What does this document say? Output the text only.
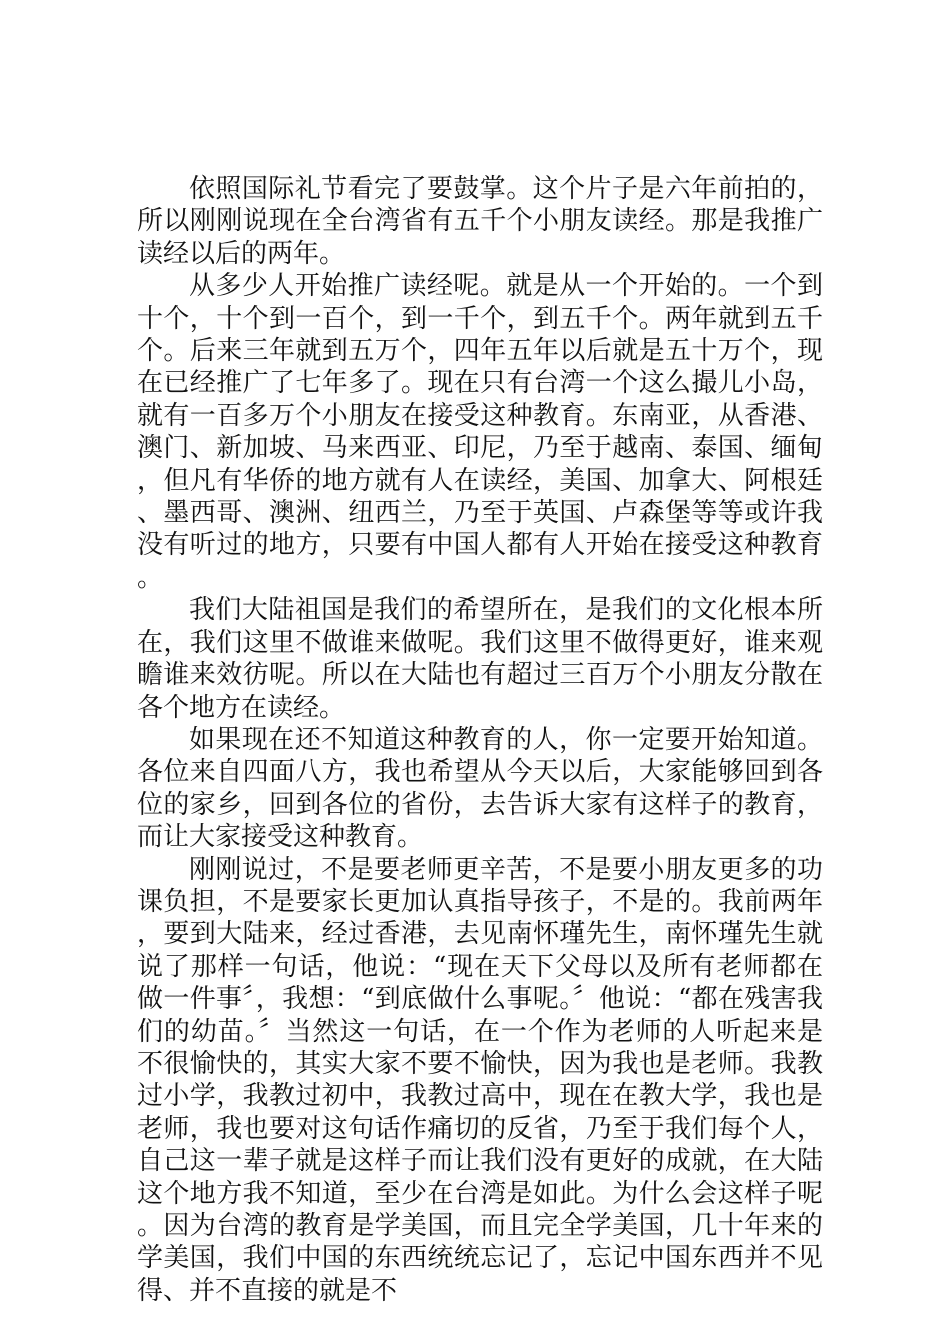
依照国际礼节看完了要鼓掌。这个片子是六年前拍的，所以刚刚说现在全台湾省有五千个小朋友读经。那是我推广读经以后的两年。

从多少人开始推广读经呢。就是从一个开始的。一个到十个，十个到一百个，到一千个，到五千个。两年就到五千个。后来三年就到五万个，四年五年以后就是五十万个，现在已经推广了七年多了。现在只有台湾一个这么撮儿小岛，就有一百多万个小朋友在接受这种教育。东南亚，从香港、澳门、新加坡、马来西亚、印尼，乃至于越南、泰国、缅甸，但凡有华侨的地方就有人在读经，美国、加拿大、阿根廷、墨西哥、澳洲、纽西兰，乃至于英国、卢森堡等等或许我没有听过的地方，只要有中国人都有人开始在接受这种教育。

我们大陆祖国是我们的希望所在，是我们的文化根本所在，我们这里不做谁来做呢。我们这里不做得更好，谁来观瞻谁来效彷呢。所以在大陆也有超过三百万个小朋友分散在各个地方在读经。

如果现在还不知道这种教育的人，你一定要开始知道。各位来自四面八方，我也希望从今天以后，大家能够回到各位的家乡，回到各位的省份，去告诉大家有这样子的教育，而让大家接受这种教育。

刚刚说过，不是要老师更辛苦，不是要小朋友更多的功课负担，不是要家长更加认真指导孩子，不是的。我前两年，要到大陆来，经过香港，去见南怀瑾先生，南怀瑾先生就说了那样一句话，他说：“现在天下父母以及所有老师都在做一件事〞，我想：“到底做什么事呢。〞他说：“都在残害我们的幼苗。〞当然这一句话，在一个作为老师的人听起来是不很愉快的，其实大家不要不愉快，因为我也是老师。我教过小学，我教过初中，我教过高中，现在在教大学，我也是老师，我也要对这句话作痛切的反省，乃至于我们每个人，自己这一辈子就是这样子而让我们没有更好的成就，在大陆这个地方我不知道，至少在台湾是如此。为什么会这样子呢。因为台湾的教育是学美国，而且完全学美国，几十年来的学美国，我们中国的东西统统忘记了，忘记中国东西并不见得、并不直接的就是不
